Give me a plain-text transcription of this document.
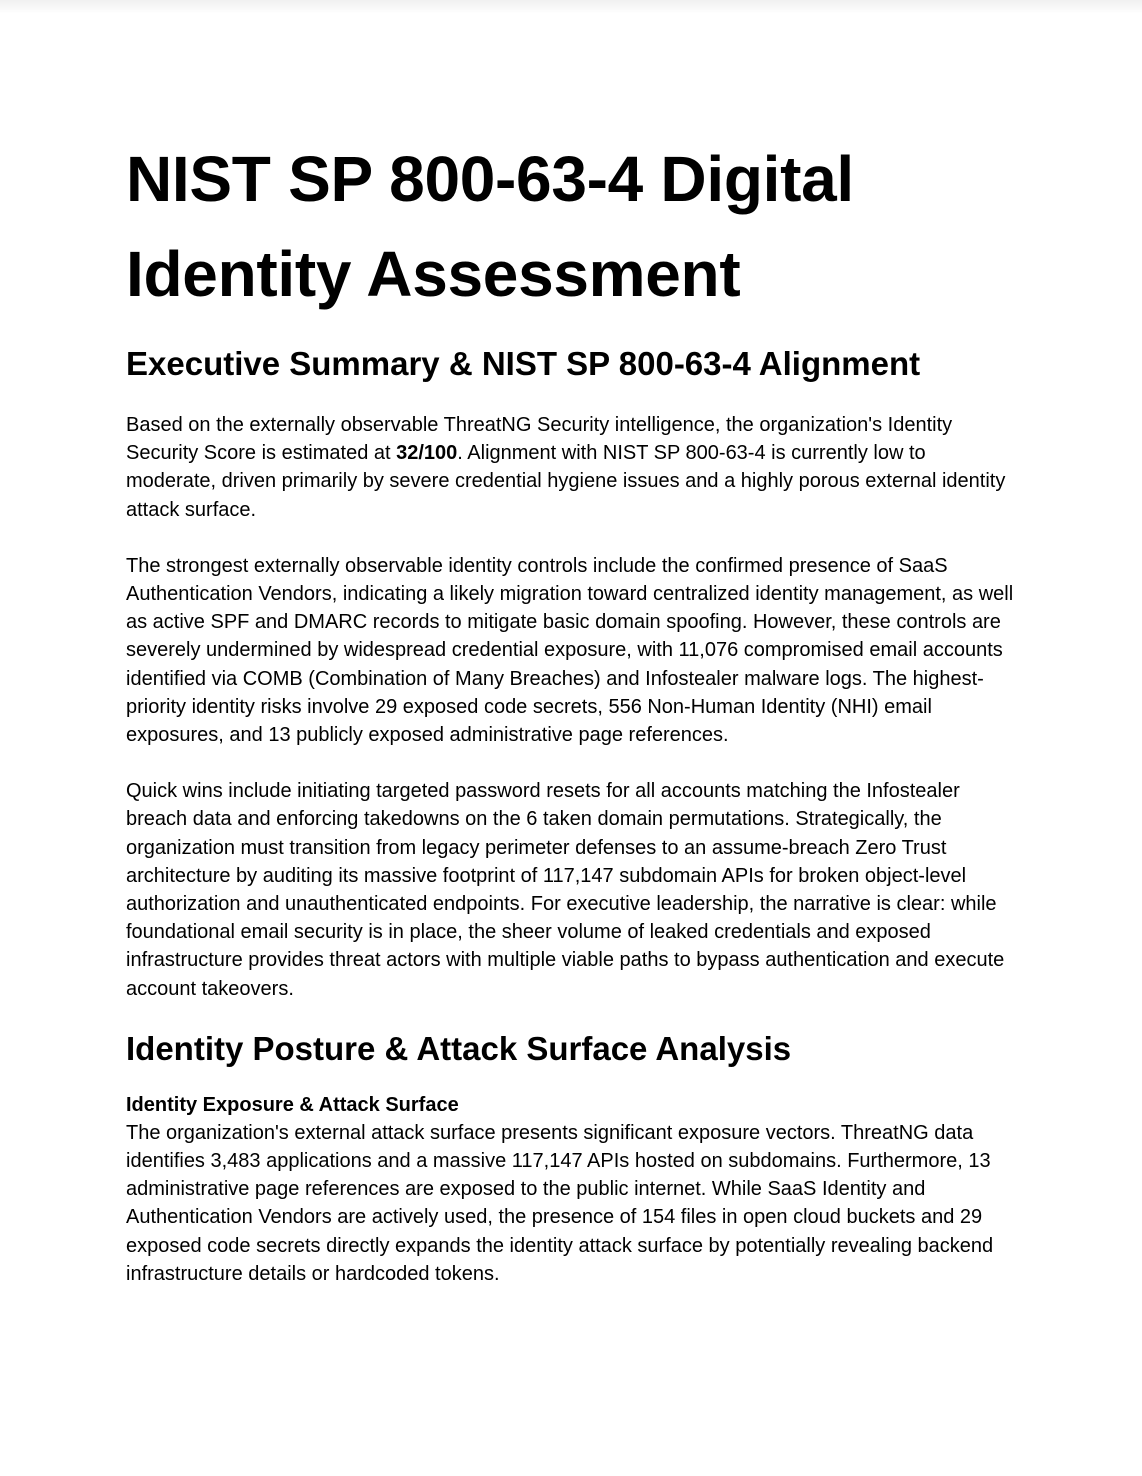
NIST SP 800-63-4 Digital Identity Assessment
Executive Summary & NIST SP 800-63-4 Alignment

Based on the externally observable ThreatNG Security intelligence, the organization's Identity Security Score is estimated at 32/100. Alignment with NIST SP 800-63-4 is currently low to moderate, driven primarily by severe credential hygiene issues and a highly porous external identity attack surface.

The strongest externally observable identity controls include the confirmed presence of SaaS Authentication Vendors, indicating a likely migration toward centralized identity management, as well as active SPF and DMARC records to mitigate basic domain spoofing. However, these controls are severely undermined by widespread credential exposure, with 11,076 compromised email accounts identified via COMB (Combination of Many Breaches) and Infostealer malware logs. The highest-priority identity risks involve 29 exposed code secrets, 556 Non-Human Identity (NHI) email exposures, and 13 publicly exposed administrative page references.

Quick wins include initiating targeted password resets for all accounts matching the Infostealer breach data and enforcing takedowns on the 6 taken domain permutations. Strategically, the organization must transition from legacy perimeter defenses to an assume-breach Zero Trust architecture by auditing its massive footprint of 117,147 subdomain APIs for broken object-level authorization and unauthenticated endpoints. For executive leadership, the narrative is clear: while foundational email security is in place, the sheer volume of leaked credentials and exposed infrastructure provides threat actors with multiple viable paths to bypass authentication and execute account takeovers.

Identity Posture & Attack Surface Analysis
Identity Exposure & Attack Surface

The organization's external attack surface presents significant exposure vectors. ThreatNG data identifies 3,483 applications and a massive 117,147 APIs hosted on subdomains. Furthermore, 13 administrative page references are exposed to the public internet. While SaaS Identity and Authentication Vendors are actively used, the presence of 154 files in open cloud buckets and 29 exposed code secrets directly expands the identity attack surface by potentially revealing backend infrastructure details or hardcoded tokens.
